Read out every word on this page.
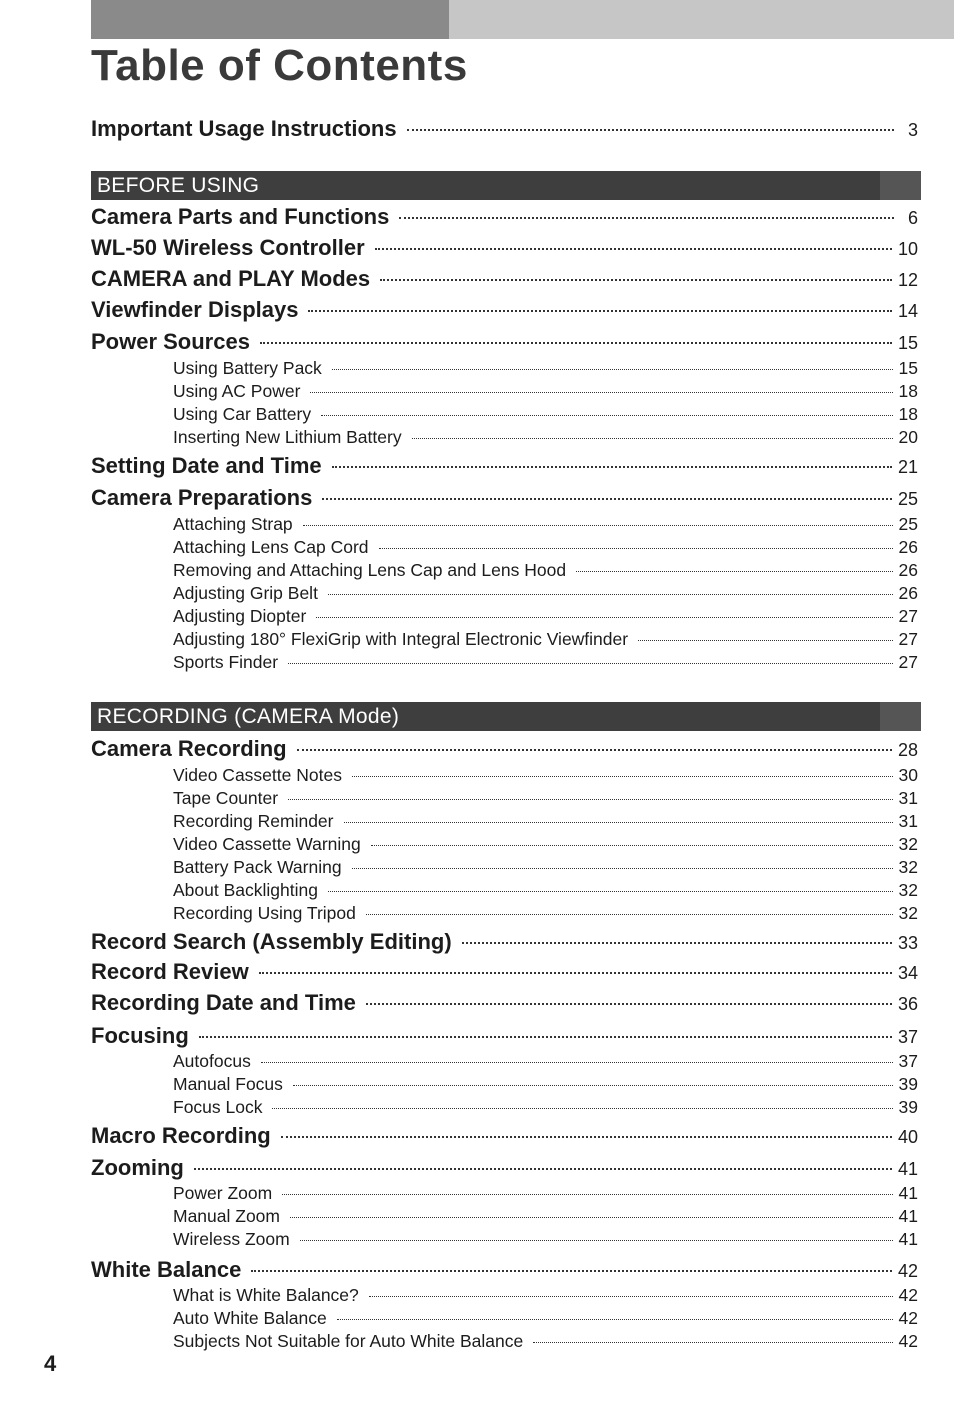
Table of Contents
Important Usage Instructions	3
BEFORE USING
Camera Parts and Functions	6
WL-50 Wireless Controller	10
CAMERA and PLAY Modes	12
Viewfinder Displays	14
Power Sources	15
Using Battery Pack	15
Using AC Power	18
Using Car Battery	18
Inserting New Lithium Battery	20
Setting Date and Time	21
Camera Preparations	25
Attaching Strap	25
Attaching Lens Cap Cord	26
Removing and Attaching Lens Cap and Lens Hood	26
Adjusting Grip Belt	26
Adjusting Diopter	27
Adjusting 180° FlexiGrip with Integral Electronic Viewfinder	27
Sports Finder	27
RECORDING (CAMERA Mode)
Camera Recording	28
Video Cassette Notes	30
Tape Counter	31
Recording Reminder	31
Video Cassette Warning	32
Battery Pack Warning	32
About Backlighting	32
Recording Using Tripod	32
Record Search (Assembly Editing)	33
Record Review	34
Recording Date and Time	36
Focusing	37
Autofocus	37
Manual Focus	39
Focus Lock	39
Macro Recording	40
Zooming	41
Power Zoom	41
Manual Zoom	41
Wireless Zoom	41
White Balance	42
What is White Balance?	42
Auto White Balance	42
Subjects Not Suitable for Auto White Balance	42
4
